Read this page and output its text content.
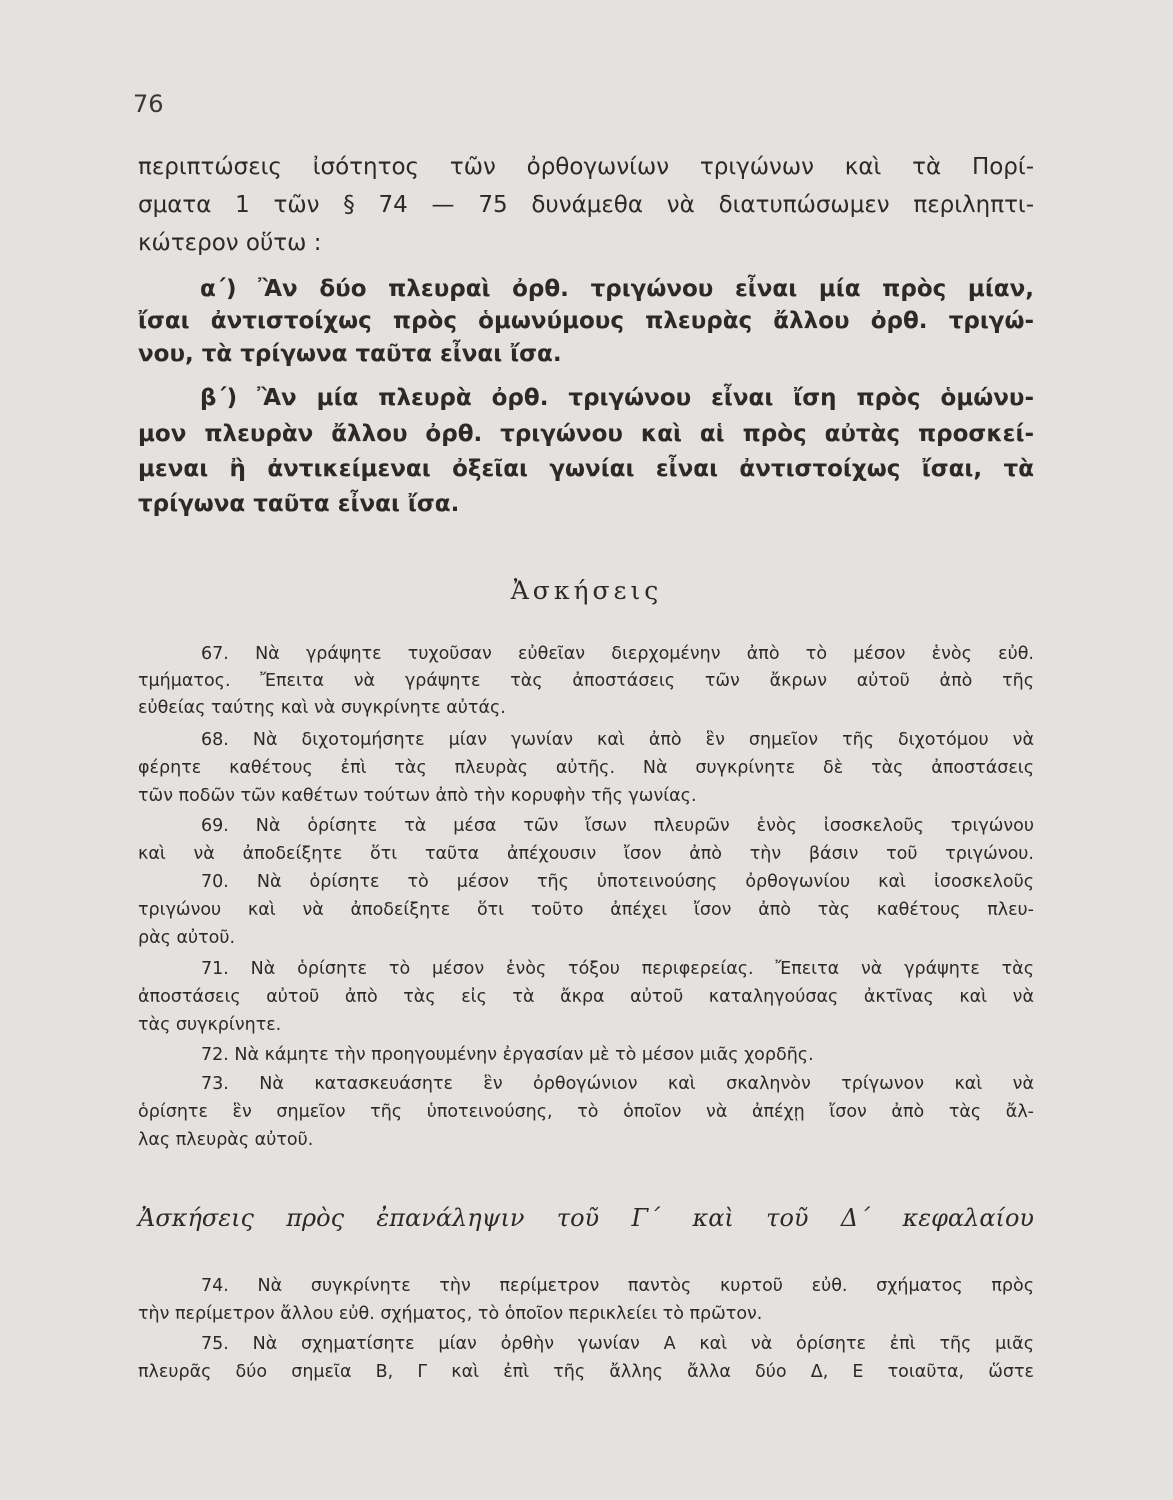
76
περιπτώσεις ἰσότητος τῶν ὀρθογωνίων τριγώνων καὶ τὰ Πορί-
σματα 1 τῶν § 74 — 75 δυνάμεθα νὰ διατυπώσωμεν περιληπτι-
κώτερον οὕτω :
α΄) Ἂν δύο πλευραὶ ὀρθ. τριγώνου εἶναι μία πρὸς μίαν,
ἴσαι ἀντιστοίχως πρὸς ὁμωνύμους πλευρὰς ἄλλου ὀρθ. τριγώ-
νου, τὰ τρίγωνα ταῦτα εἶναι ἴσα.
β΄) Ἂν μία πλευρὰ ὀρθ. τριγώνου εἶναι ἴση πρὸς ὁμώνυ-
μον πλευρὰν ἄλλου ὀρθ. τριγώνου καὶ αἱ πρὸς αὐτὰς προσκεί-
μεναι ἢ ἀντικείμεναι ὀξεῖαι γωνίαι εἶναι ἀντιστοίχως ἴσαι, τὰ
τρίγωνα ταῦτα εἶναι ἴσα.
Ἀσκήσεις
67. Νὰ γράψητε τυχοῦσαν εὐθεῖαν διερχομένην ἀπὸ τὸ μέσον ἑνὸς εὐθ.
τμήματος. Ἔπειτα νὰ γράψητε τὰς ἀποστάσεις τῶν ἄκρων αὐτοῦ ἀπὸ τῆς
εὐθείας ταύτης καὶ νὰ συγκρίνητε αὐτάς.
68. Νὰ διχοτομήσητε μίαν γωνίαν καὶ ἀπὸ ἓν σημεῖον τῆς διχοτόμου νὰ
φέρητε καθέτους ἐπὶ τὰς πλευρὰς αὐτῆς. Νὰ συγκρίνητε δὲ τὰς ἀποστάσεις
τῶν ποδῶν τῶν καθέτων τούτων ἀπὸ τὴν κορυφὴν τῆς γωνίας.
69. Νὰ ὁρίσητε τὰ μέσα τῶν ἴσων πλευρῶν ἑνὸς ἰσοσκελοῦς τριγώνου
καὶ νὰ ἀποδείξητε ὅτι ταῦτα ἀπέχουσιν ἴσον ἀπὸ τὴν βάσιν τοῦ τριγώνου.
70. Νὰ ὁρίσητε τὸ μέσον τῆς ὑποτεινούσης ὀρθογωνίου καὶ ἰσοσκελοῦς
τριγώνου καὶ νὰ ἀποδείξητε ὅτι τοῦτο ἀπέχει ἴσον ἀπὸ τὰς καθέτους πλευ-
ρὰς αὐτοῦ.
71. Νὰ ὁρίσητε τὸ μέσον ἑνὸς τόξου περιφερείας. Ἔπειτα νὰ γράψητε τὰς
ἀποστάσεις αὐτοῦ ἀπὸ τὰς εἰς τὰ ἄκρα αὐτοῦ καταληγούσας ἀκτῖνας καὶ νὰ
τὰς συγκρίνητε.
72. Νὰ κάμητε τὴν προηγουμένην ἐργασίαν μὲ τὸ μέσον μιᾶς χορδῆς.
73. Νὰ κατασκευάσητε ἓν ὀρθογώνιον καὶ σκαληνὸν τρίγωνον καὶ νὰ
ὁρίσητε ἓν σημεῖον τῆς ὑποτεινούσης, τὸ ὁποῖον νὰ ἀπέχῃ ἴσον ἀπὸ τὰς ἄλ-
λας πλευρὰς αὐτοῦ.
Ἀσκήσεις πρὸς ἐπανάληψιν τοῦ Γ΄ καὶ τοῦ Δ΄ κεφαλαίου
74. Νὰ συγκρίνητε τὴν περίμετρον παντὸς κυρτοῦ εὐθ. σχήματος πρὸς
τὴν περίμετρον ἄλλου εὐθ. σχήματος, τὸ ὁποῖον περικλείει τὸ πρῶτον.
75. Νὰ σχηματίσητε μίαν ὀρθὴν γωνίαν Α καὶ νὰ ὁρίσητε ἐπὶ τῆς μιᾶς
πλευρᾶς δύο σημεῖα Β, Γ καὶ ἐπὶ τῆς ἄλλης ἄλλα δύο Δ, Ε τοιαῦτα, ὥστε
